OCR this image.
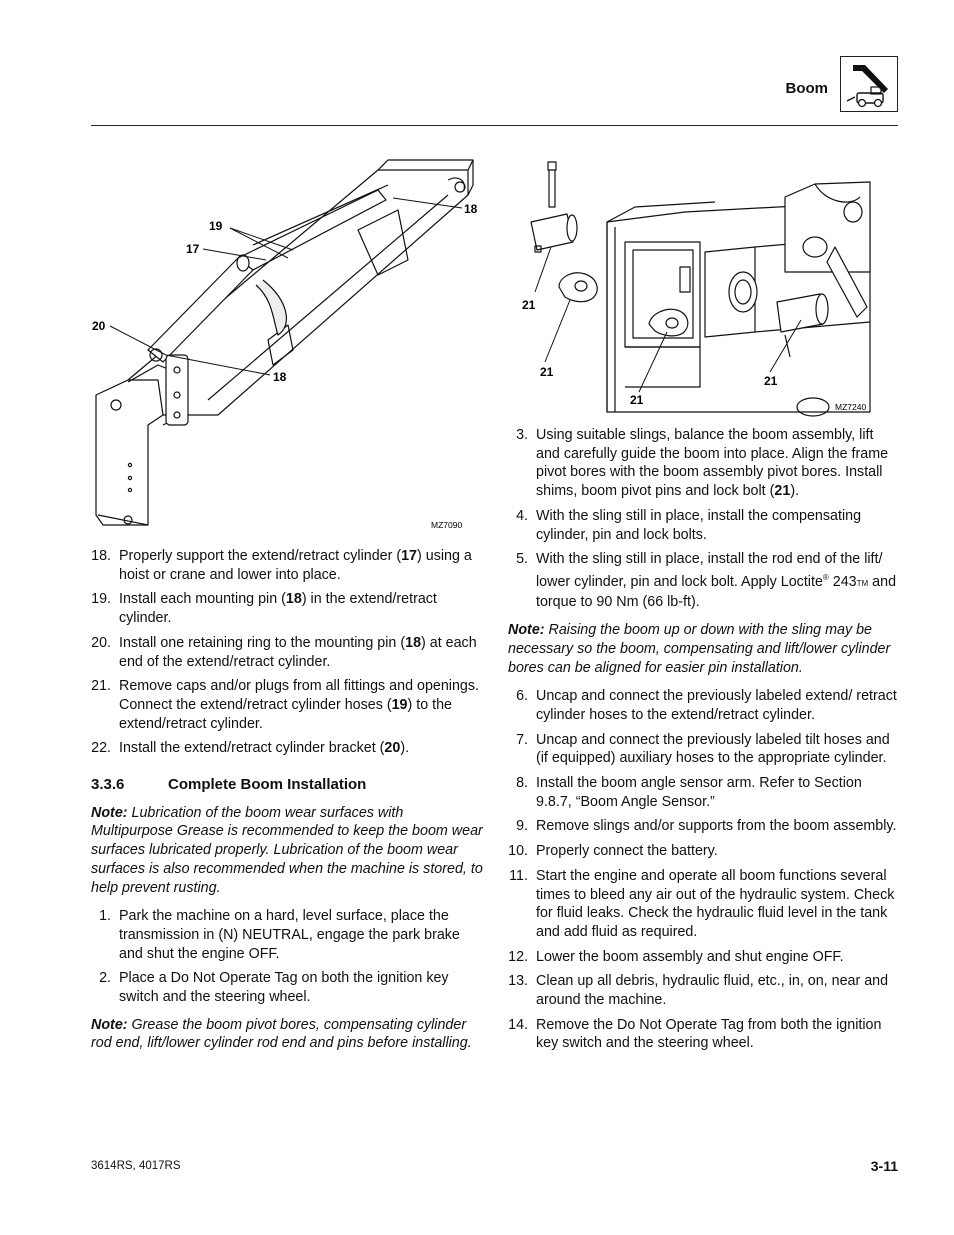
Boom
19
17
18
20
18
MZ7090
21
21
21
21
MZ7240
18. Properly support the extend/retract cylinder (17) using a hoist or crane and lower into place.
19. Install each mounting pin (18) in the extend/retract cylinder.
20. Install one retaining ring to the mounting pin (18) at each end of the extend/retract cylinder.
21. Remove caps and/or plugs from all fittings and openings. Connect the extend/retract cylinder hoses (19) to the extend/retract cylinder.
22. Install the extend/retract cylinder bracket (20).
3.3.6	Complete Boom Installation
Note: Lubrication of the boom wear surfaces with Multipurpose Grease is recommended to keep the boom wear surfaces lubricated properly. Lubrication of the boom wear surfaces is also recommended when the machine is stored, to help prevent rusting.
1. Park the machine on a hard, level surface, place the transmission in (N) NEUTRAL, engage the park brake and shut the engine OFF.
2. Place a Do Not Operate Tag on both the ignition key switch and the steering wheel.
Note: Grease the boom pivot bores, compensating cylinder rod end, lift/lower cylinder rod end and pins before installing.
3. Using suitable slings, balance the boom assembly, lift and carefully guide the boom into place. Align the frame pivot bores with the boom assembly pivot bores. Install shims, boom pivot pins and lock bolt (21).
4. With the sling still in place, install the compensating cylinder, pin and lock bolts.
5. With the sling still in place, install the rod end of the lift/ lower cylinder, pin and lock bolt. Apply Loctite® 243TM and torque to 90 Nm (66 lb-ft).
Note: Raising the boom up or down with the sling may be necessary so the boom, compensating and lift/lower cylinder bores can be aligned for easier pin installation.
6. Uncap and connect the previously labeled extend/ retract cylinder hoses to the extend/retract cylinder.
7. Uncap and connect the previously labeled tilt hoses and (if equipped) auxiliary hoses to the appropriate cylinder.
8. Install the boom angle sensor arm. Refer to Section 9.8.7, “Boom Angle Sensor.”
9. Remove slings and/or supports from the boom assembly.
10. Properly connect the battery.
11. Start the engine and operate all boom functions several times to bleed any air out of the hydraulic system. Check for fluid leaks. Check the hydraulic fluid level in the tank and add fluid as required.
12. Lower the boom assembly and shut engine OFF.
13. Clean up all debris, hydraulic fluid, etc., in, on, near and around the machine.
14. Remove the Do Not Operate Tag from both the ignition key switch and the steering wheel.
3614RS, 4017RS	3-11
